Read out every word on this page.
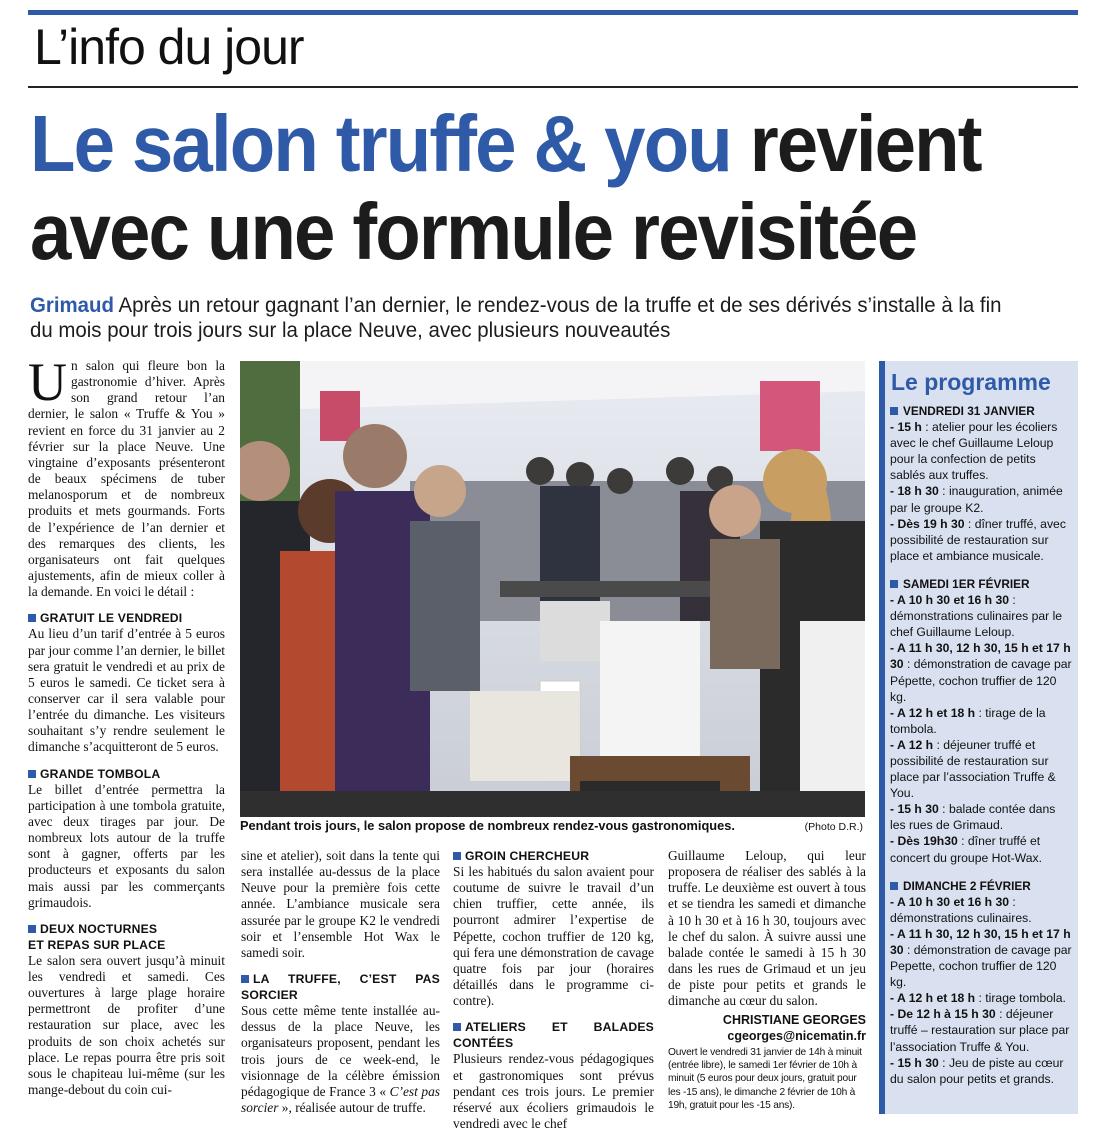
L’info du jour
Le salon truffe & you revient
avec une formule revisitée
Grimaud Après un retour gagnant l’an dernier, le rendez-vous de la truffe et de ses dérivés s’installe à la fin du mois pour trois jours sur la place Neuve, avec plusieurs nouveautés

Un salon qui fleure bon la gastronomie d’hiver. Après son grand retour l’an dernier, le salon « Truffe & You » revient en force du 31 janvier au 2 février sur la place Neuve. Une vingtaine d’exposants présenteront de beaux spécimens de tuber melanosporum et de nombreux produits et mets gourmands. Forts de l’expérience de l’an dernier et des remarques des clients, les organisateurs ont fait quelques ajustements, afin de mieux coller à la demande. En voici le détail :

GRATUIT LE VENDREDI

Au lieu d’un tarif d’entrée à 5 euros par jour comme l’an dernier, le billet sera gratuit le vendredi et au prix de 5 euros le samedi. Ce ticket sera à conserver car il sera valable pour l’entrée du dimanche. Les visiteurs souhaitant s’y rendre seulement le dimanche s’acquitteront de 5 euros.

GRANDE TOMBOLA

Le billet d’entrée permettra la participation à une tombola gratuite, avec deux tirages par jour. De nombreux lots autour de la truffe sont à gagner, offerts par les producteurs et exposants du salon mais aussi par les commerçants grimaudois.

DEUX NOCTURNES
ET REPAS SUR PLACE

Le salon sera ouvert jusqu’à minuit les vendredi et samedi. Ces ouvertures à large plage horaire permettront de profiter d’une restauration sur place, avec les produits de son choix achetés sur place. Le repas pourra être pris soit sous le chapiteau lui-même (sur les mange-debout du coin cui-

Pendant trois jours, le salon propose de nombreux rendez-vous gastronomiques.	(Photo D.R.)

sine et atelier), soit dans la tente qui sera installée au-dessus de la place Neuve pour la première fois cette année. L’ambiance musicale sera assurée par le groupe K2 le vendredi soir et l’ensemble Hot Wax le samedi soir.

LA TRUFFE, C’EST PAS SORCIER

Sous cette même tente installée au-dessus de la place Neuve, les organisateurs proposent, pendant les trois jours de ce week-end, le visionnage de la célèbre émission pédagogique de France 3 « C’est pas sorcier », réalisée autour de truffe.

GROIN CHERCHEUR

Si les habitués du salon avaient pour coutume de suivre le travail d’un chien truffier, cette année, ils pourront admirer l’expertise de Pépette, cochon truffier de 120 kg, qui fera une démonstration de cavage quatre fois par jour (horaires détaillés dans le programme ci-contre).

ATELIERS ET BALADES CONTÉES

Plusieurs rendez-vous pédagogiques et gastronomiques sont prévus pendant ces trois jours. Le premier réservé aux écoliers grimaudois le vendredi avec le chef

Guillaume Leloup, qui leur proposera de réaliser des sablés à la truffe. Le deuxième est ouvert à tous et se tiendra les samedi et dimanche à 10 h 30 et à 16 h 30, toujours avec le chef du salon. À suivre aussi une balade contée le samedi à 15 h 30 dans les rues de Grimaud et un jeu de piste pour petits et grands le dimanche au cœur du salon.

CHRISTIANE GEORGES
cgeorges@nicematin.fr
Ouvert le vendredi 31 janvier de 14h à minuit (entrée libre), le samedi 1er février de 10h à minuit (5 euros pour deux jours, gratuit pour les -15 ans), le dimanche 2 février de 10h à 19h, gratuit pour les -15 ans).
Le programme
VENDREDI 31 JANVIER

- 15 h : atelier pour les écoliers avec le chef Guillaume Leloup pour la confection de petits sablés aux truffes.

- 18 h 30 : inauguration, animée par le groupe K2.

- Dès 19 h 30 : dîner truffé, avec possibilité de restauration sur place et ambiance musicale.

SAMEDI 1ER FÉVRIER

- A 10 h 30 et 16 h 30 : démonstrations culinaires par le chef Guillaume Leloup.

- A 11 h 30, 12 h 30, 15 h et 17 h 30 : démonstration de cavage par Pépette, cochon truffier de 120 kg.

- A 12 h et 18 h : tirage de la tombola.

- A 12 h : déjeuner truffé et possibilité de restauration sur place par l’association Truffe & You.

- 15 h 30 : balade contée dans les rues de Grimaud.

- Dès 19h30 : dîner truffé et concert du groupe Hot-Wax.

DIMANCHE 2 FÉVRIER

- A 10 h 30 et 16 h 30 : démonstrations culinaires.

- A 11 h 30, 12 h 30, 15 h et 17 h 30 : démonstration de cavage par Pepette, cochon truffier de 120 kg.

- A 12 h et 18 h : tirage tombola.

- De 12 h à 15 h 30 : déjeuner truffé – restauration sur place par l’association Truffe & You.

- 15 h 30 : Jeu de piste au cœur du salon pour petits et grands.
